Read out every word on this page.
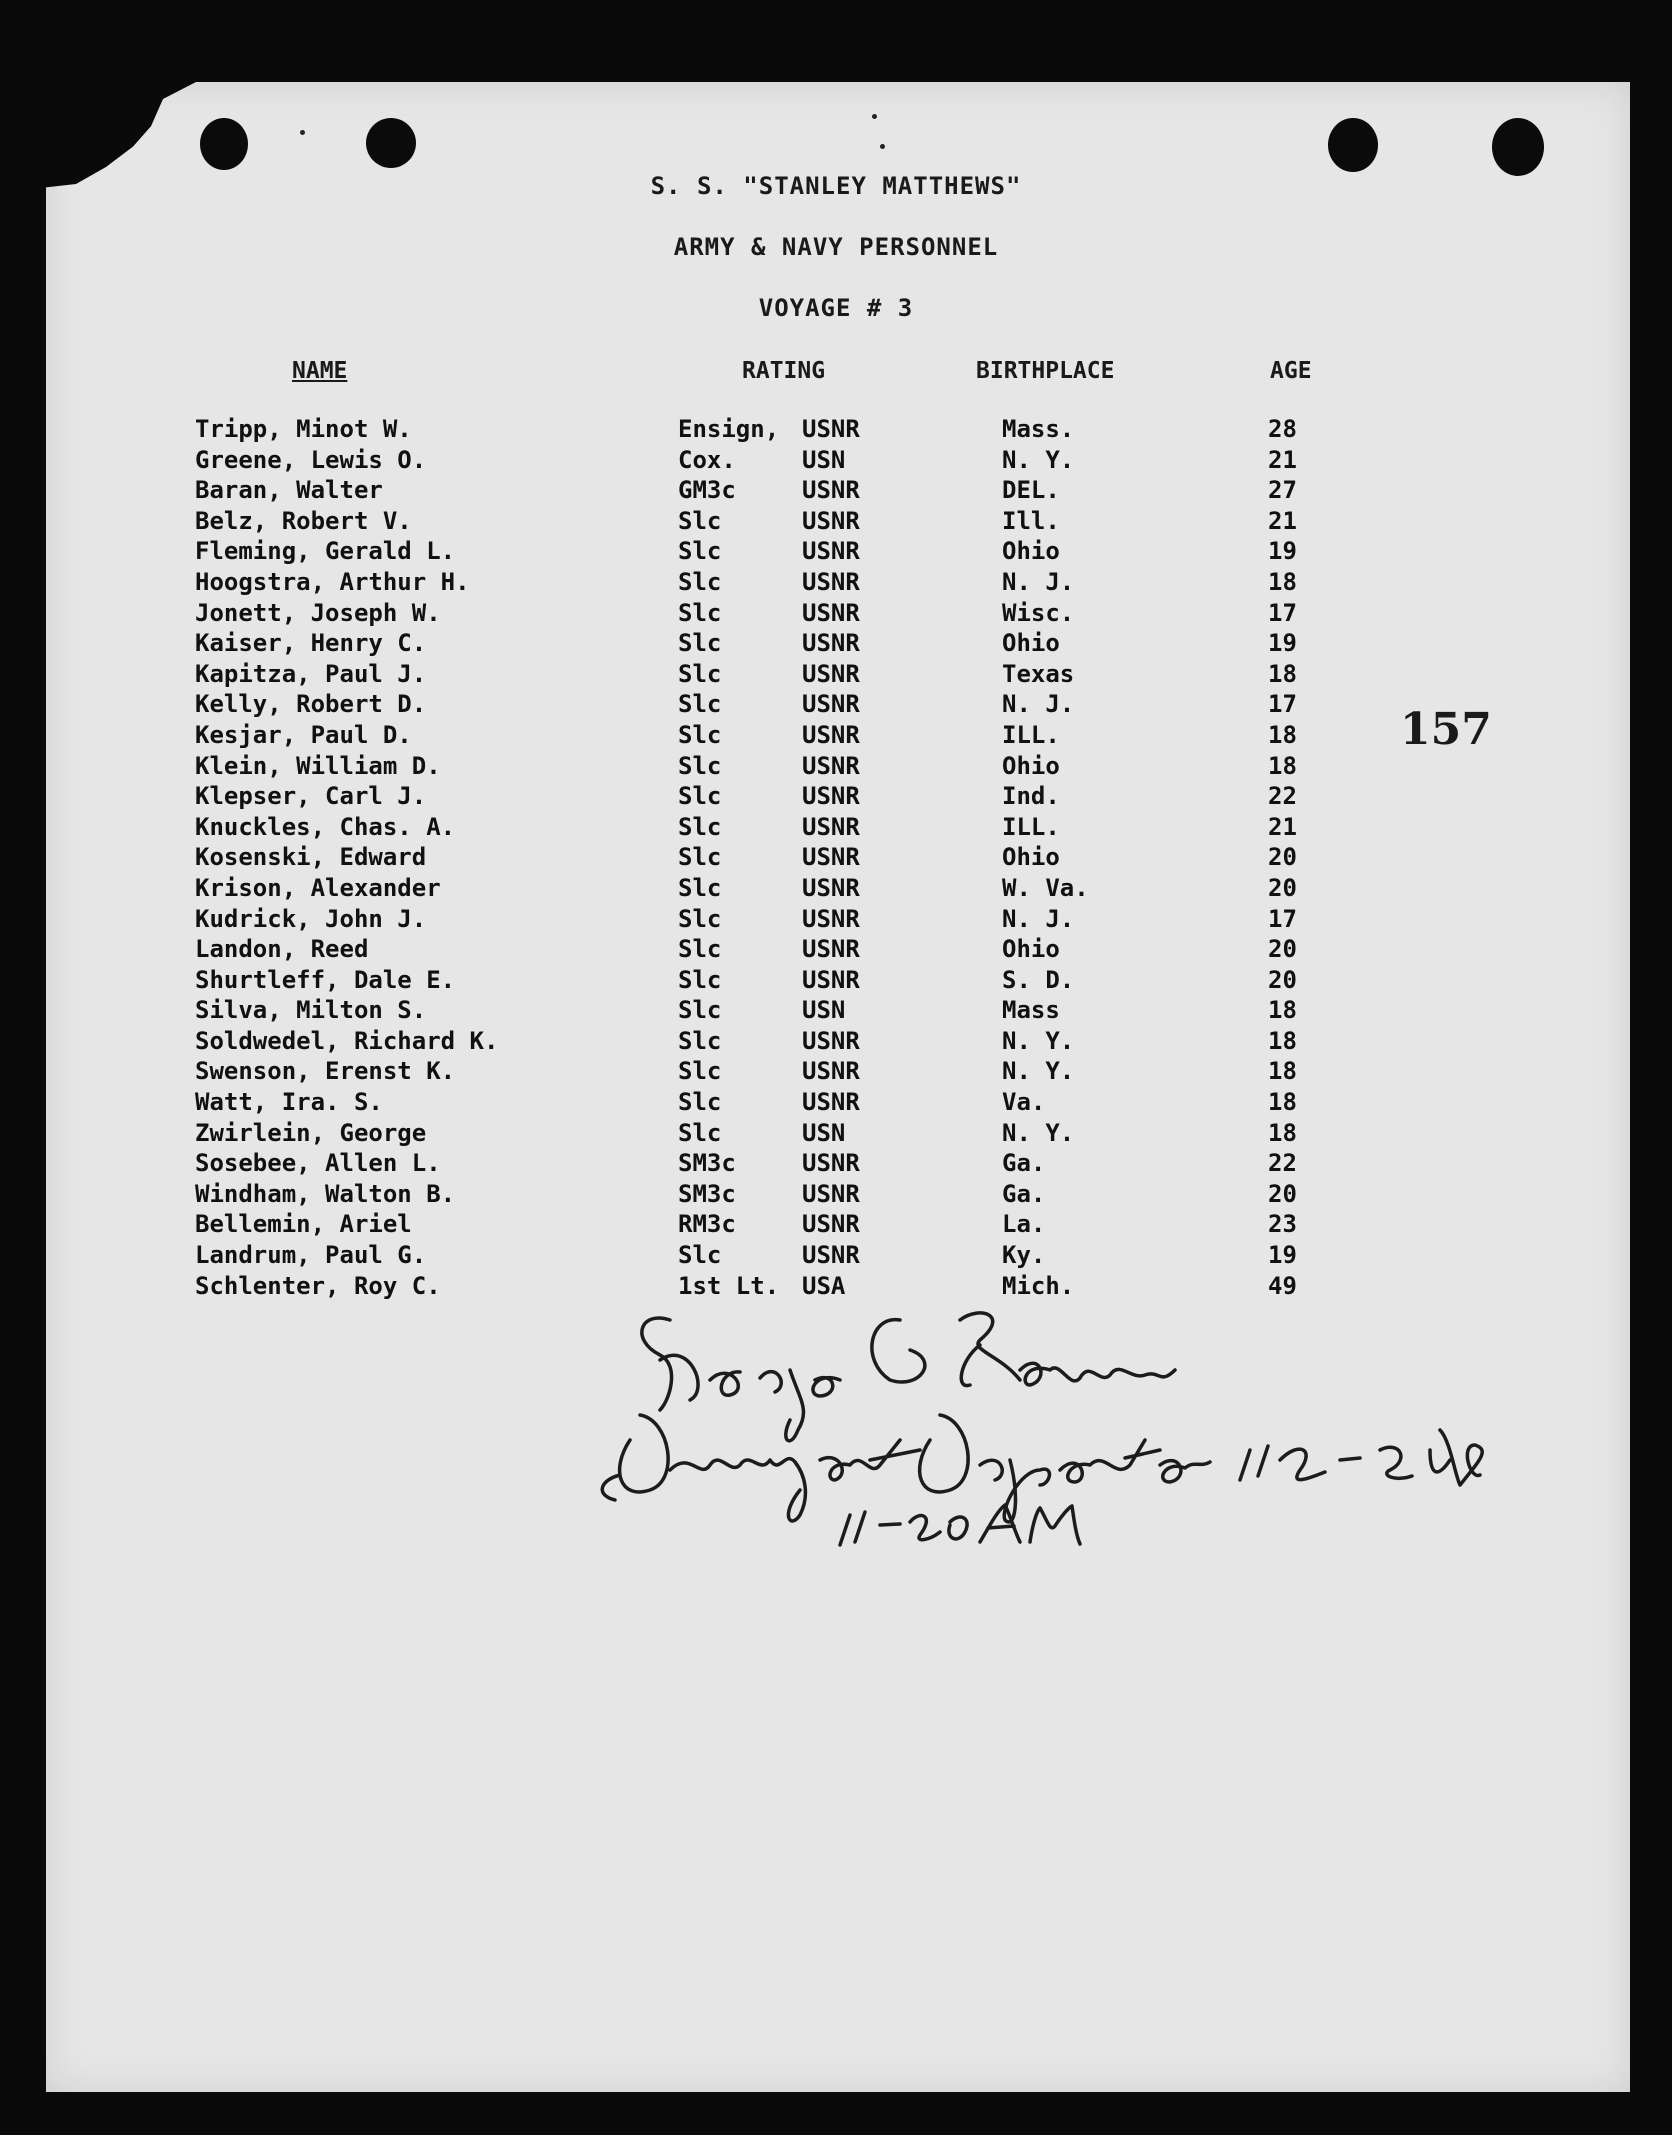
S. S. "STANLEY MATTHEWS"
ARMY & NAVY PERSONNEL
VOYAGE # 3
NAME	RATING	BIRTHPLACE	AGE
Tripp, Minot W.	Ensign, USNR	Mass.	28
Greene, Lewis O.	Cox.	USN	N. Y.	21
Baran, Walter	GM3c	USNR	DEL.	27
Belz, Robert V.	Slc	USNR	Ill.	21
Fleming, Gerald L.	Slc	USNR	Ohio	19
Hoogstra, Arthur H.	Slc	USNR	N. J.	18
Jonett, Joseph W.	Slc	USNR	Wisc.	17
Kaiser, Henry C.	Slc	USNR	Ohio	19
Kapitza, Paul J.	Slc	USNR	Texas	18
Kelly, Robert D.	Slc	USNR	N. J.	17
Kesjar, Paul D.	Slc	USNR	ILL.	18
Klein, William D.	Slc	USNR	Ohio	18
Klepser, Carl J.	Slc	USNR	Ind.	22
Knuckles, Chas. A.	Slc	USNR	ILL.	21
Kosenski, Edward	Slc	USNR	Ohio	20
Krison, Alexander	Slc	USNR	W. Va.	20
Kudrick, John J.	Slc	USNR	N. J.	17
Landon, Reed	Slc	USNR	Ohio	20
Shurtleff, Dale E.	Slc	USNR	S. D.	20
Silva, Milton S.	Slc	USN	Mass	18
Soldwedel, Richard K.	Slc	USNR	N. Y.	18
Swenson, Erenst K.	Slc	USNR	N. Y.	18
Watt, Ira. S.	Slc	USNR	Va.	18
Zwirlein, George	Slc	USN	N. Y.	18
Sosebee, Allen L.	SM3c	USNR	Ga.	22
Windham, Walton B.	SM3c	USNR	Ga.	20
Bellemin, Ariel	RM3c	USNR	La.	23
Landrum, Paul G.	Slc	USNR	Ky.	19
Schlenter, Roy C.	1st Lt. USA	Mich.	49
157
